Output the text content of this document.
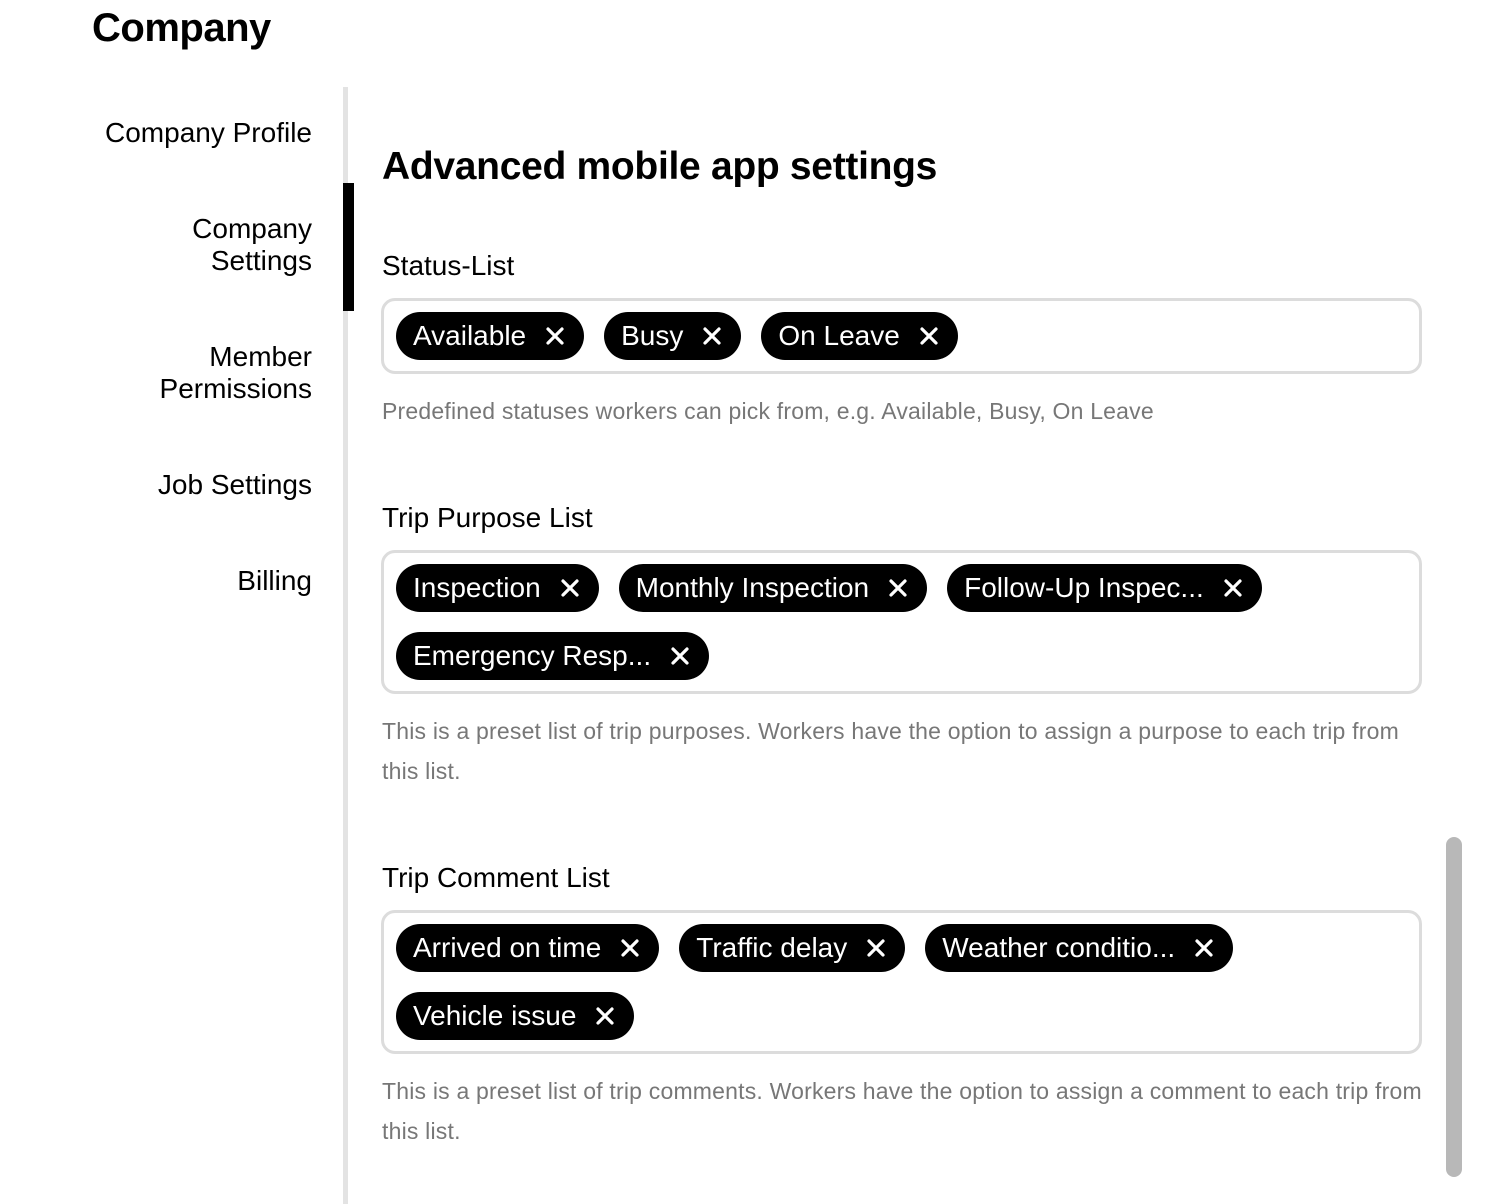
Company
Company Profile
Company Settings
Member Permissions
Job Settings
Billing
Advanced mobile app settings
Status-List
Available	Busy	On Leave
Predefined statuses workers can pick from, e.g. Available, Busy, On Leave
Trip Purpose List
Inspection	Monthly Inspection	Follow-Up Inspec...
Emergency Resp...
This is a preset list of trip purposes. Workers have the option to assign a purpose to each trip from this list.
Trip Comment List
Arrived on time	Traffic delay	Weather conditio...
Vehicle issue
This is a preset list of trip comments. Workers have the option to assign a comment to each trip from this list.
